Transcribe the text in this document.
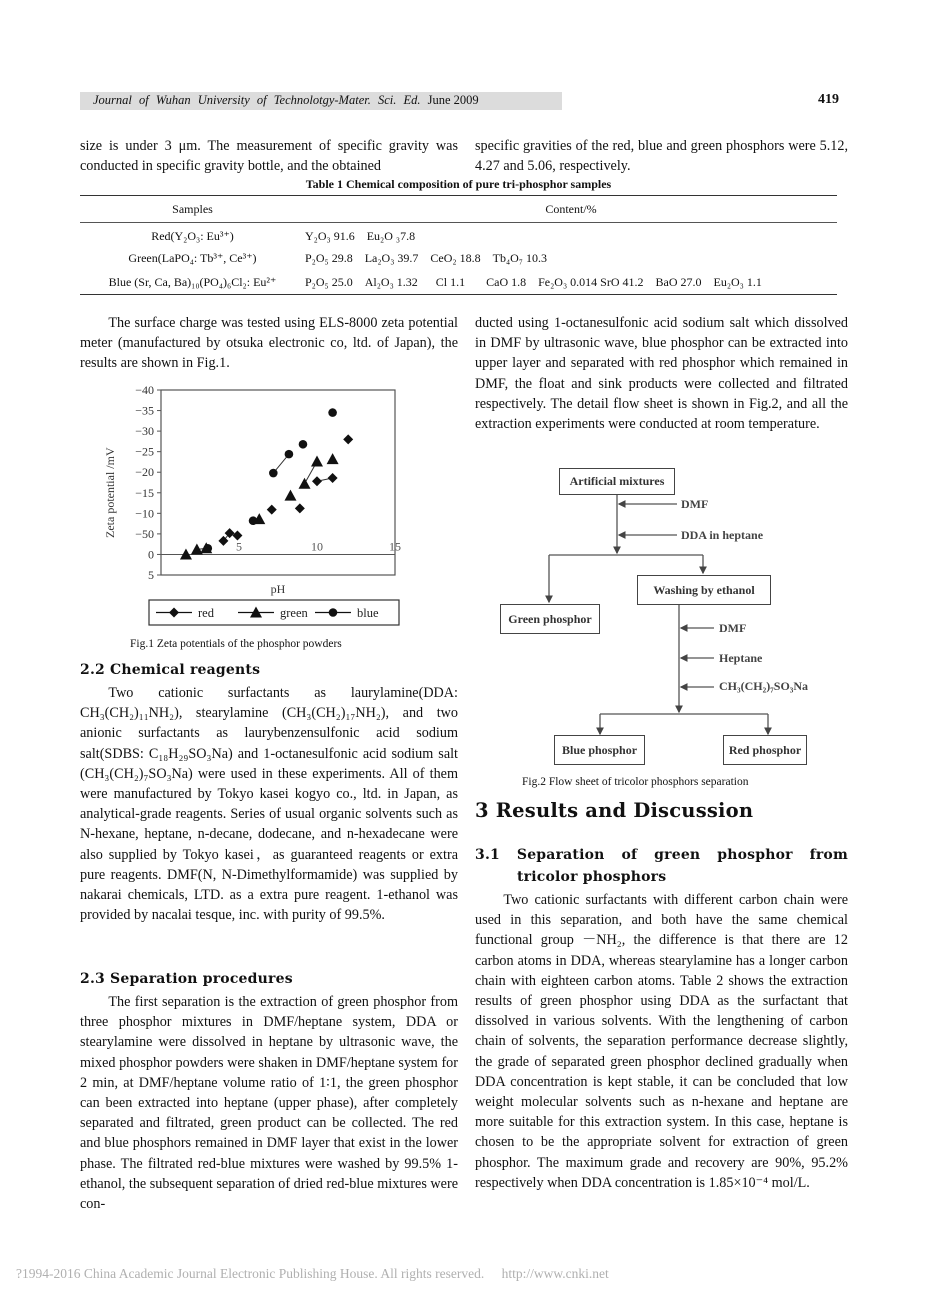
Journal of Wuhan University of Technolotgy-Mater. Sci. Ed. June 2009	419
size is under 3 μm. The measurement of specific gravity was conducted in specific gravity bottle, and the obtained
specific gravities of the red, blue and green phosphors were 5.12, 4.27 and 5.06, respectively.
Table 1 Chemical composition of pure tri-phosphor samples
Samples	Content/%
Red(Y₂O₃: Eu³⁺)	Y₂O₃ 91.6 Eu₂O ₃7.8
Green(LaPO₄: Tb³⁺, Ce³⁺)	P₂O₅ 29.8 La₂O₃ 39.7 CeO₂ 18.8 Tb₄O₇ 10.3
Blue (Sr, Ca, Ba)₁₀(PO₄)₆Cl₂: Eu²⁺	P₂O₅ 25.0 Al₂O₃ 1.32 Cl 1.1 CaO 1.8 Fe₂O₃ 0.014 SrO 41.2 BaO 27.0 Eu₂O₃ 1.1
The surface charge was tested using ELS-8000 zeta potential meter (manufactured by otsuka electronic co, ltd. of Japan), the results are shown in Fig.1.
−40
−35
−30
−25
−20
−15
−10
−50
0
5
5	10	15
Zeta potential /mV
pH
red	green	blue
Fig.1 Zeta potentials of the phosphor powders
2.2 Chemical reagents
Two cationic surfactants as laurylamine(DDA: CH₃(CH₂)₁₁NH₂), stearylamine (CH₃(CH₂)₁₇NH₂), and two anionic surfactants as laurybenzensulfonic acid sodium salt(SDBS: C₁₈H₂₉SO₃Na) and 1-octanesulfonic acid sodium salt (CH₃(CH₂)₇SO₃Na) were used in these experiments. All of them were manufactured by Tokyo kasei kogyo co., ltd. in Japan, as analytical-grade reagents. Series of usual organic solvents such as N-hexane, heptane, n-decane, dodecane, and n-hexadecane were also supplied by Tokyo kasei，as guaranteed reagents or extra pure reagents. DMF(N, N-Dimethylformamide) was supplied by nakarai chemicals, LTD. as a extra pure reagent. 1-ethanol was provided by nacalai tesque, inc. with purity of 99.5%.
2.3 Separation procedures
The first separation is the extraction of green phosphor from three phosphor mixtures in DMF/heptane system, DDA or stearylamine were dissolved in heptane by ultrasonic wave, the mixed phosphor powders were shaken in DMF/heptane system for 2 min, at DMF/heptane volume ratio of 1∶1, the green phosphor can been extracted into heptane (upper phase), after completely separated and filtrated, green product can be collected. The red and blue phosphors remained in DMF layer that exist in the lower phase. The filtrated red-blue mixtures were washed by 99.5% 1-ethanol, the subsequent separation of dried red-blue mixtures were con-
ducted using 1-octanesulfonic acid sodium salt which dissolved in DMF by ultrasonic wave, blue phosphor can be extracted into upper layer and separated with red phosphor which remained in DMF, the float and sink products were collected and filtrated respectively. The detail flow sheet is shown in Fig.2, and all the extraction experiments were conducted at room temperature.
Artificial mixtures
DMF
DDA in heptane
Washing by ethanol
Green phosphor
DMF
Heptane
CH₃(CH₂)₇SO₃Na
Blue phosphor	Red phosphor
Fig.2 Flow sheet of tricolor phosphors separation
3 Results and Discussion
3.1 Separation of green phosphor from
tricolor phosphors
Two cationic surfactants with different carbon chain were used in this separation, and both have the same chemical functional group －NH₂, the difference is that there are 12 carbon atoms in DDA, whereas stearylamine has a longer carbon chain with eighteen carbon atoms. Table 2 shows the extraction results of green phosphor using DDA as the surfactant that dissolved in various solvents. With the lengthening of carbon chain of solvents, the separation performance decrease slightly, the grade of separated green phosphor declined gradually when DDA concentration is kept stable, it can be concluded that low weight molecular solvents such as n-hexane and heptane are more suitable for this extraction system. In this case, heptane is chosen to be the appropriate solvent for extraction of green phosphor. The maximum grade and recovery are 90%, 95.2% respectively when DDA concentration is 1.85×10⁻⁴ mol/L.
?1994-2016 China Academic Journal Electronic Publishing House. All rights reserved. http://www.cnki.net
